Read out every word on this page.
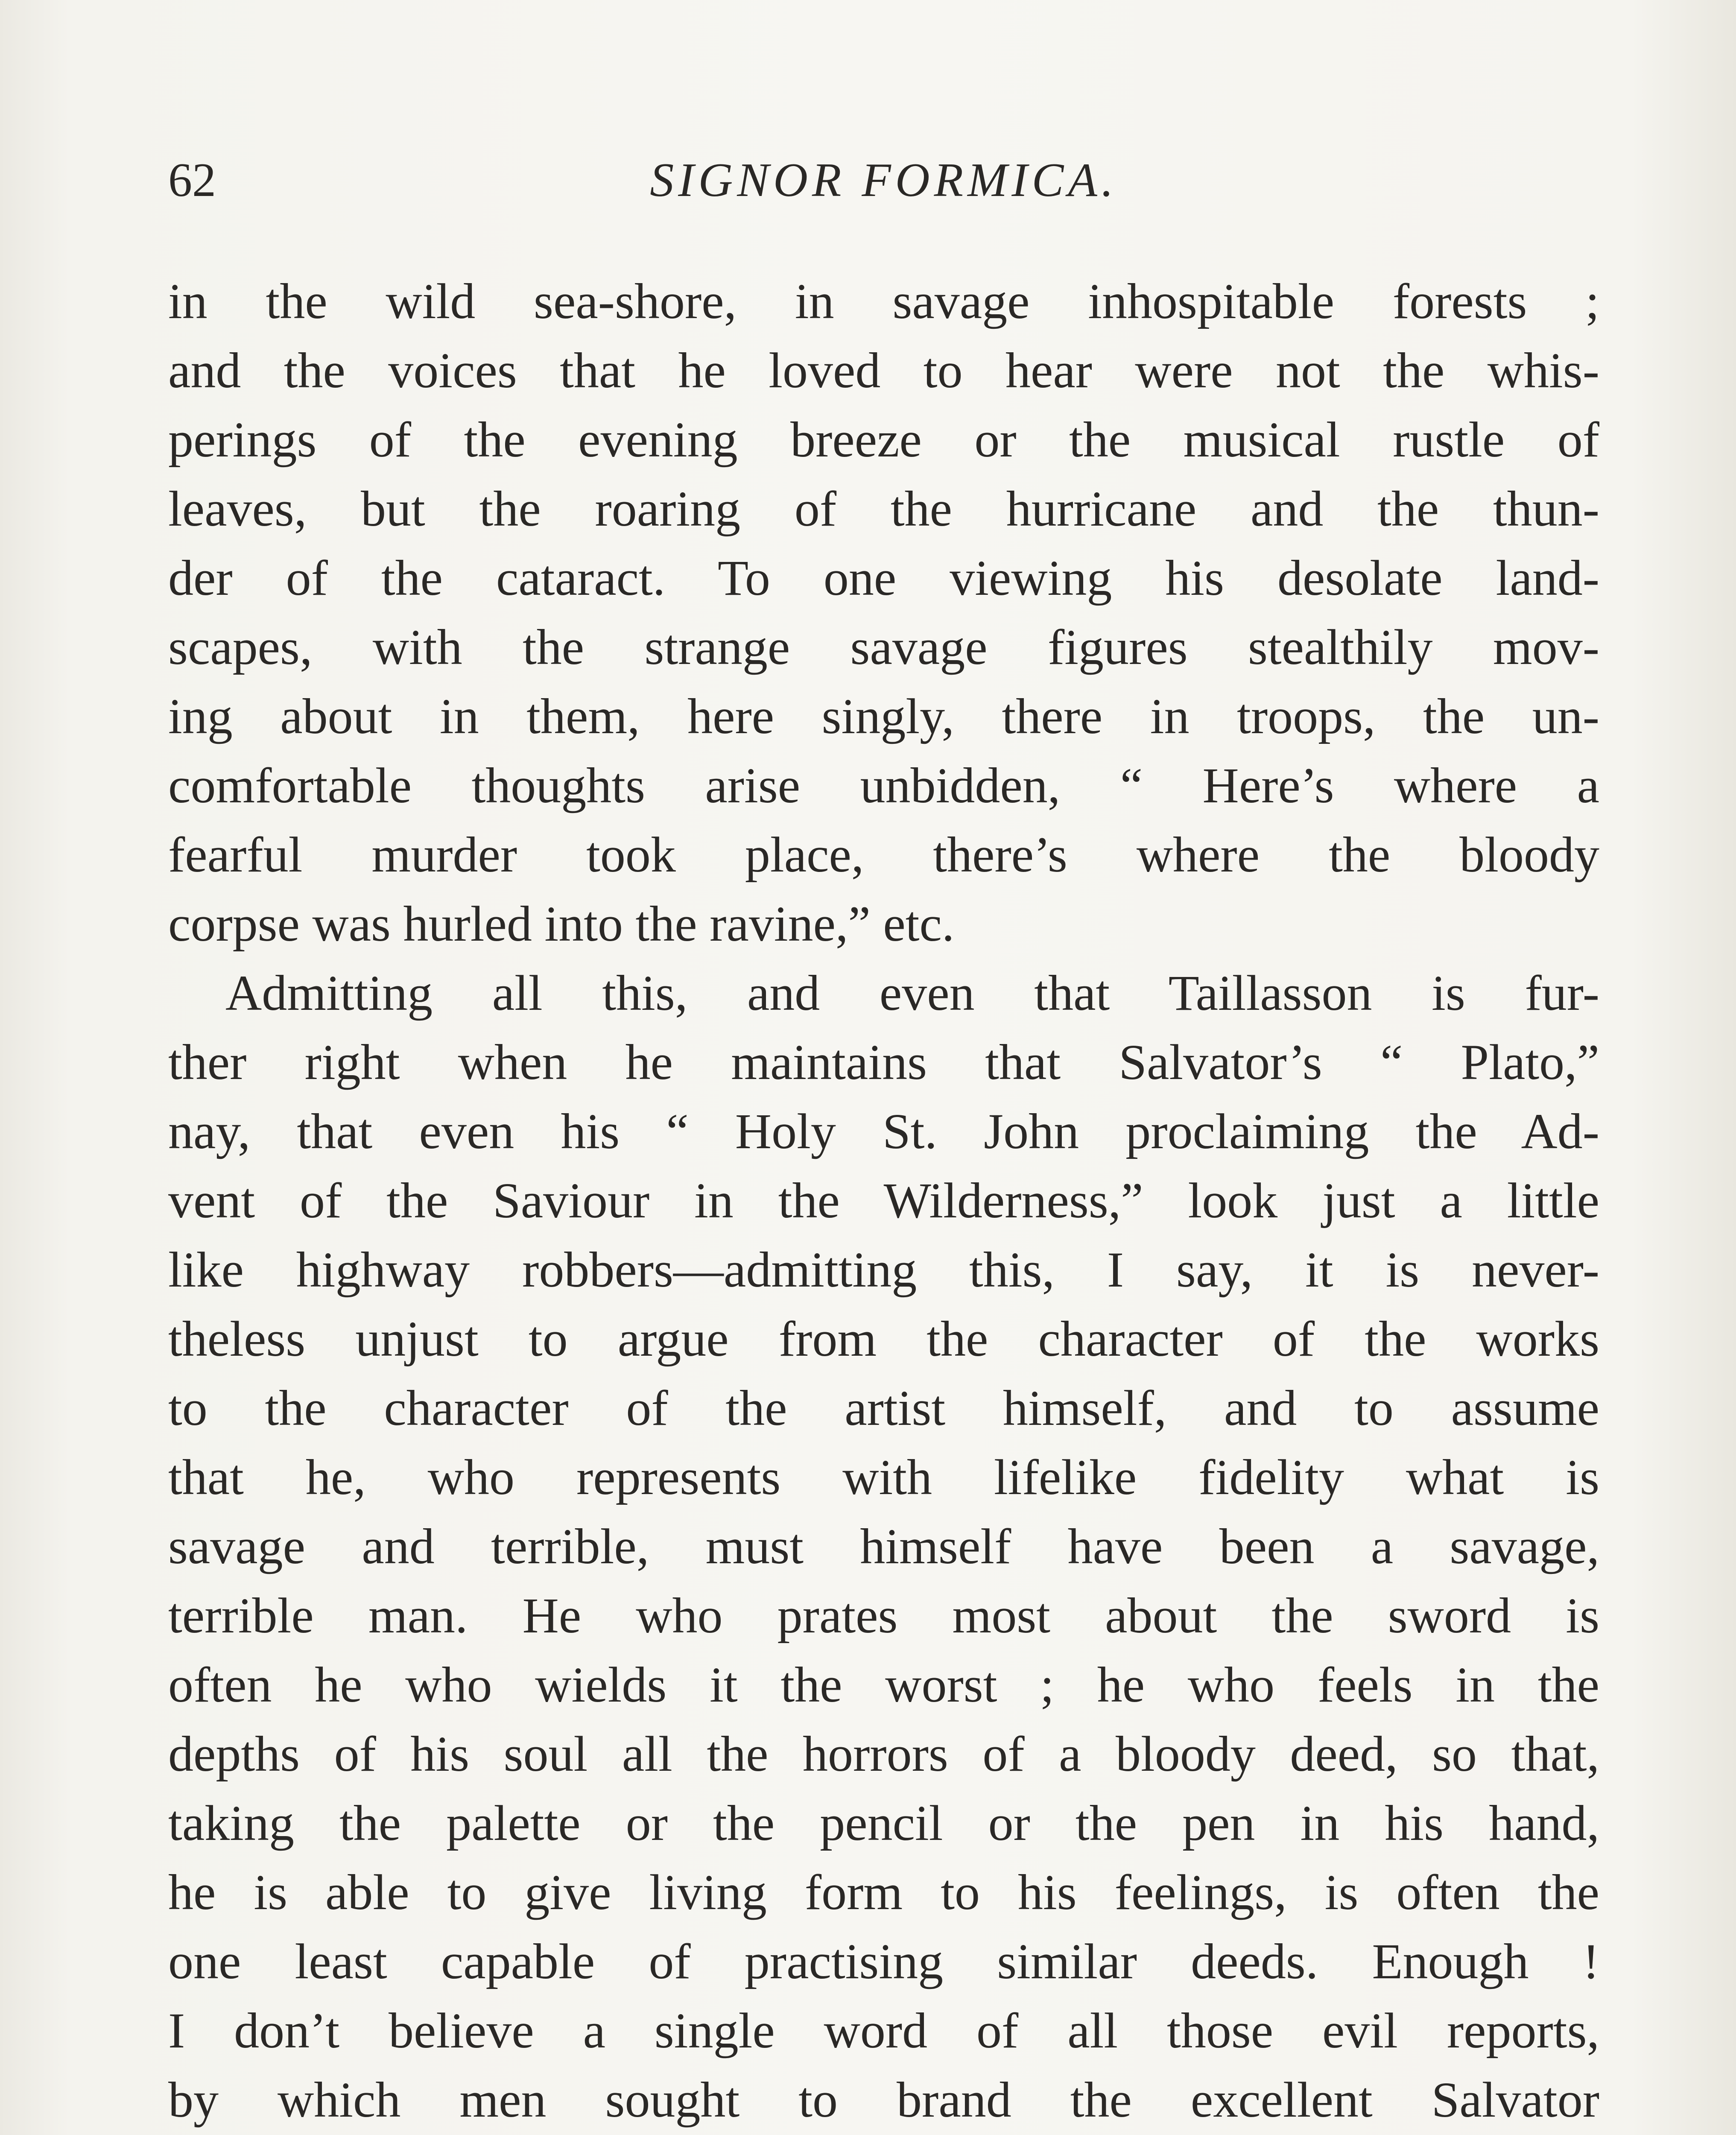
62	SIGNOR FORMICA.
in the wild sea-shore, in savage inhospitable forests ;
and the voices that he loved to hear were not the whis-
perings of the evening breeze or the musical rustle of
leaves, but the roaring of the hurricane and the thun-
der of the cataract. To one viewing his desolate land-
scapes, with the strange savage figures stealthily mov-
ing about in them, here singly, there in troops, the un-
comfortable thoughts arise unbidden, “ Here’s where a
fearful murder took place, there’s where the bloody
corpse was hurled into the ravine,” etc.
Admitting all this, and even that Taillasson is fur-
ther right when he maintains that Salvator’s “ Plato,”
nay, that even his “ Holy St. John proclaiming the Ad-
vent of the Saviour in the Wilderness,” look just a little
like highway robbers—admitting this, I say, it is never-
theless unjust to argue from the character of the works
to the character of the artist himself, and to assume
that he, who represents with lifelike fidelity what is
savage and terrible, must himself have been a savage,
terrible man. He who prates most about the sword is
often he who wields it the worst ; he who feels in the
depths of his soul all the horrors of a bloody deed, so that,
taking the palette or the pencil or the pen in his hand,
he is able to give living form to his feelings, is often the
one least capable of practising similar deeds. Enough !
I don’t believe a single word of all those evil reports,
by which men sought to brand the excellent Salvator
